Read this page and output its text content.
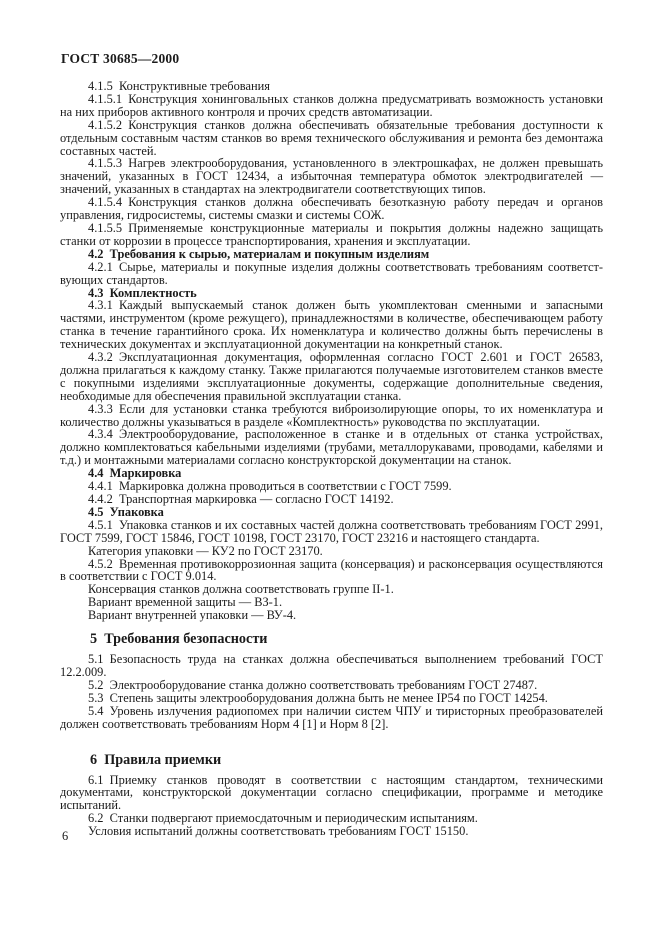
ГОСТ 30685—2000
4.1.5 Конструктивные требования
4.1.5.1 Конструкция хонинговальных станков должна предусматривать возможность установки на них приборов активного контроля и прочих средств автоматизации.
4.1.5.2 Конструкция станков должна обеспечивать обязательные требования доступности к отдельным составным частям станков во время технического обслуживания и ремонта без демонтажа составных частей.
4.1.5.3 Нагрев электрооборудования, установленного в электрошкафах, не должен превышать значений, указанных в ГОСТ 12434, а избыточная температура обмоток электродвигателей — значений, указанных в стандартах на электродвигатели соответствующих типов.
4.1.5.4 Конструкция станков должна обеспечивать безотказную работу передач и органов управления, гидросистемы, системы смазки и системы СОЖ.
4.1.5.5 Применяемые конструкционные материалы и покрытия должны надежно защищать станки от коррозии в процессе транспортирования, хранения и эксплуатации.
4.2 Требования к сырью, материалам и покупным изделиям
4.2.1 Сырье, материалы и покупные изделия должны соответствовать требованиям соответствующих стандартов.
4.3 Комплектность
4.3.1 Каждый выпускаемый станок должен быть укомплектован сменными и запасными частями, инструментом (кроме режущего), принадлежностями в количестве, обеспечивающем работу станка в течение гарантийного срока. Их номенклатура и количество должны быть перечислены в технических документах и эксплуатационной документации на конкретный станок.
4.3.2 Эксплуатационная документация, оформленная согласно ГОСТ 2.601 и ГОСТ 26583, должна прилагаться к каждому станку. Также прилагаются получаемые изготовителем станков вместе с покупными изделиями эксплуатационные документы, содержащие дополнительные сведения, необходимые для обеспечения правильной эксплуатации станка.
4.3.3 Если для установки станка требуются виброизолирующие опоры, то их номенклатура и количество должны указываться в разделе «Комплектность» руководства по эксплуатации.
4.3.4 Электрооборудование, расположенное в станке и в отдельных от станка устройствах, должно комплектоваться кабельными изделиями (трубами, металлорукавами, проводами, кабелями и т.д.) и монтажными материалами согласно конструкторской документации на станок.
4.4 Маркировка
4.4.1 Маркировка должна проводиться в соответствии с ГОСТ 7599.
4.4.2 Транспортная маркировка — согласно ГОСТ 14192.
4.5 Упаковка
4.5.1 Упаковка станков и их составных частей должна соответствовать требованиям ГОСТ 2991, ГОСТ 7599, ГОСТ 15846, ГОСТ 10198, ГОСТ 23170, ГОСТ 23216 и настоящего стандарта.
Категория упаковки — КУ2 по ГОСТ 23170.
4.5.2 Временная противокоррозионная защита (консервация) и расконсервация осуществляются в соответствии с ГОСТ 9.014.
Консервация станков должна соответствовать группе II-1.
Вариант временной защиты — ВЗ-1.
Вариант внутренней упаковки — ВУ-4.
5 Требования безопасности
5.1 Безопасность труда на станках должна обеспечиваться выполнением требований ГОСТ 12.2.009.
5.2 Электрооборудование станка должно соответствовать требованиям ГОСТ 27487.
5.3 Степень защиты электрооборудования должна быть не менее IP54 по ГОСТ 14254.
5.4 Уровень излучения радиопомех при наличии систем ЧПУ и тиристорных преобразователей должен соответствовать требованиям Норм 4 [1] и Норм 8 [2].
6 Правила приемки
6.1 Приемку станков проводят в соответствии с настоящим стандартом, техническими документами, конструкторской документации согласно спецификации, программе и методике испытаний.
6.2 Станки подвергают приемосдаточным и периодическим испытаниям.
Условия испытаний должны соответствовать требованиям ГОСТ 15150.
6
